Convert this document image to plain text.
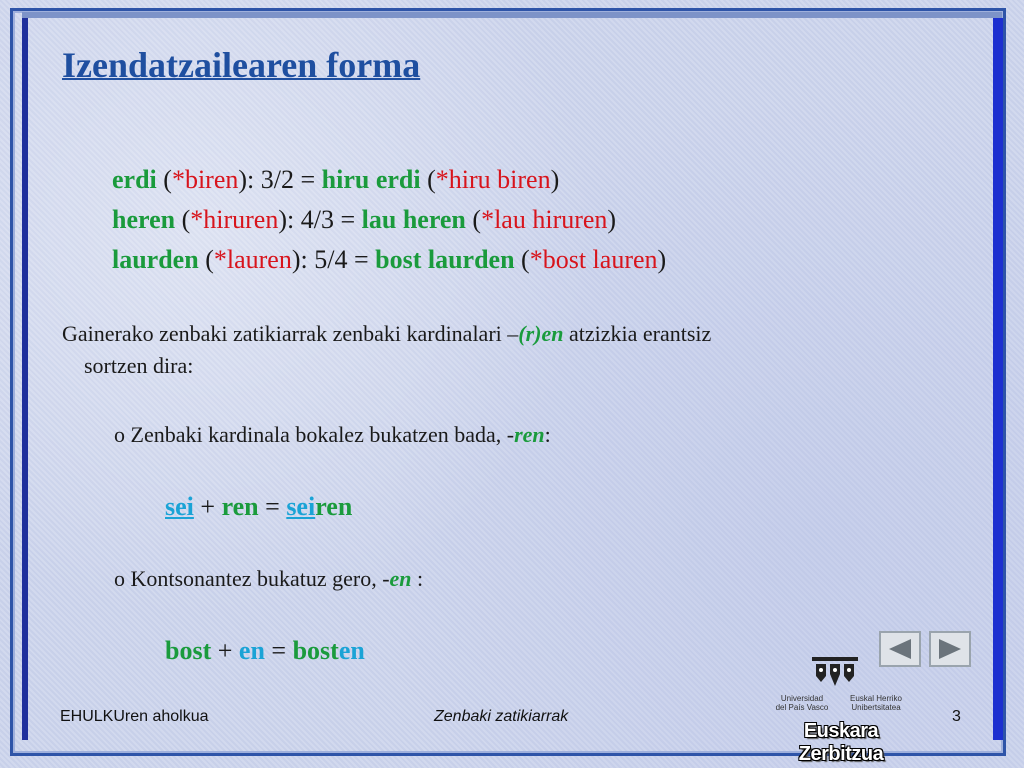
Izendatzailearen forma
erdi (*biren): 3/2 = hiru erdi (*hiru biren)
heren (*hiruren): 4/3 = lau heren (*lau hiruren)
laurden (*lauren): 5/4 = bost laurden (*bost lauren)
Gainerako zenbaki zatikiarrak zenbaki kardinalari –(r)en atzizkia erantsiz
sortzen dira:
o Zenbaki kardinala bokalez bukatzen bada, -ren:
sei + ren = seiren
o Kontsonantez bukatuz gero, -en :
bost + en = bosten
Universidad
del País Vasco
Euskal Herriko
Unibertsitatea
Euskara Zerbitzua
EHULKUren aholkua	Zenbaki zatikiarrak	3
